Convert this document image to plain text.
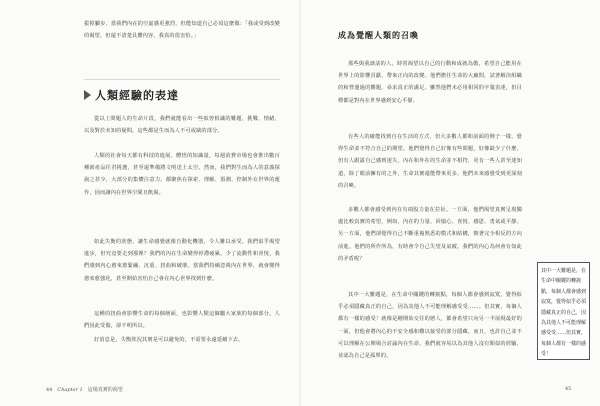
拔掉腳步，當我們內在的空虛感更強烈，但能知道自己必須這麼做：「我或受到改變的渴望，但還不清楚具體內容，我真的很害怕。」

人類經驗的表達

從以上問題人的生命片段，我們就能看出一些似曾相識的難題、挑戰、情緒，以及對於未知的疑問。這些都是生而為人不可或缺的部分。

人類的社會每天都有科技的進展、體悟的知識量，每週消費市場也會推出數百種新產品任君挑選，甚至還準備將文明送上太空。然而，我們對生而為人的意義探詢之甚少，大部分的集體注意力，都聚焦在探索、理解、預測、控制外在世界的運作，因而讓內在世界空間且飢渴。

如此失衡的狀態，讓生命感覺就像自動化機器，令人難以承受。我們似乎渴望進步，但究竟要走到那裡？我們的內在生命變得停滯疲累，少了流動性和喜悅，我們感到內心愈來愈緊繃、沉重、扭曲和破壞。當我們持續忽視內在世界，就會變得愈來愈強化，甚至開始害怕自己會在內心世界找到什麼。

這種的扭曲會影響生命的每個層面，也影響人類這個屬大家族的每個部分。人們因此受傷，卻不明所以。

好消息是，失衡狀況其實是可以避免的，不需要永遠延續下去。

44 Chapter 1 這場真實的渴望
成為覺醒人類的召喚

那些與我談話的人，時常渴望以自己的行動和成就為傲，希望自己能用在世界上的影響貢獻，帶來正向的改變。他們擔任生命的大廠問，試著解決組織的和營運過的難題，尋求真正的滿足。雖然他們未必用相同的字彙表達，但目標都是對內在世界感到安心平靜。

有些人的確能找到自在生活的方式，但大多數人都和前面的例子一樣，覺得生命並不符合自己的期望。他們覺得自己好像有些問題，好像缺少了什麼，但有人跟露自己感到迷失，內在和外在的生命並不相符，更有一些人甚至迷知道，除了眼前擁有的之外，生命其實還能帶來更多，他們未來感覺受到更深刻的召喚。

多數人都會感受到內在有兩股力量在拉扯。一方面，他們渴望真實呈現獨處比較真實的希望，例如，內在的力量、回憶心、喜悅、感恩、勇氣或平靜。另一方面，他們卻覺得自己不斷重複熟悉的模式和結構，朝著完全相反的方向前進。他們的所作所為，有時會令自己失望及氣餒。我們的內心為何會有如此的矛盾呢？

其中一大難題是，在生命中關鍵的轉捩點，每個人都會感到寂寞，覺得似乎必須隱藏真正的自己，因為其他人不可能理解感受受……。但其實，每個人都有一樣的感受！就像是剛開始交往的戀人，都會希望只向另一半展現最好的一面，但他會將內心的不安全感和難以接受的部分隱藏。而且，也許自己並不可以理解在公開場合討論內在生命，我們就容易以為其他人沒有類似的經驗，並認為自己是孤單的。

45

其中一大難題是，在生命中關鍵的轉捩點，每個人都會感到寂寞，覺得似乎必須隱藏真正的自己，因為其他人不可能理解感受受……但其實，每個人都有一樣的感受！
